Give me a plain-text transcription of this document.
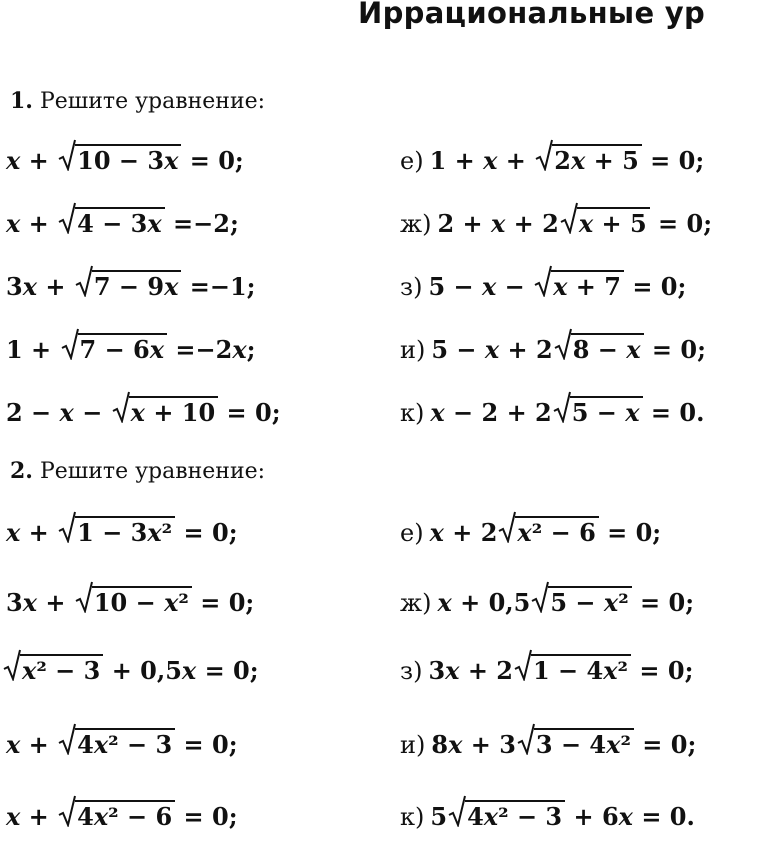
Иррациональные ур
1. Решите уравнение:
x +
10 − 3x = 0;
x +
4 − 3x =−2;
3x +
7 − 9x =−1;
1 +
7 − 6x =−2x;
2 − x −
x + 10 = 0;
е) 1 + x +
2x + 5 = 0;
ж) 2 + x + 2 x + 5 = 0;
з) 5 − x −
x + 7 = 0;
и) 5 − x + 2 8 − x = 0;
к) x − 2 + 2 5 − x = 0.
2. Решите уравнение:
x +
1 − 3x² = 0;
3x +
10 − x² = 0;
x² − 3 + 0,5x = 0;
x +
4x² − 3 = 0;
x +
4x² − 6 = 0;
е) x + 2 x² − 6 = 0;
ж) x + 0,5 5 − x² = 0;
з) 3x + 2 1 − 4x² = 0;
и) 8x + 3 3 − 4x² = 0;
к) 5 4x² − 3 + 6x = 0.
